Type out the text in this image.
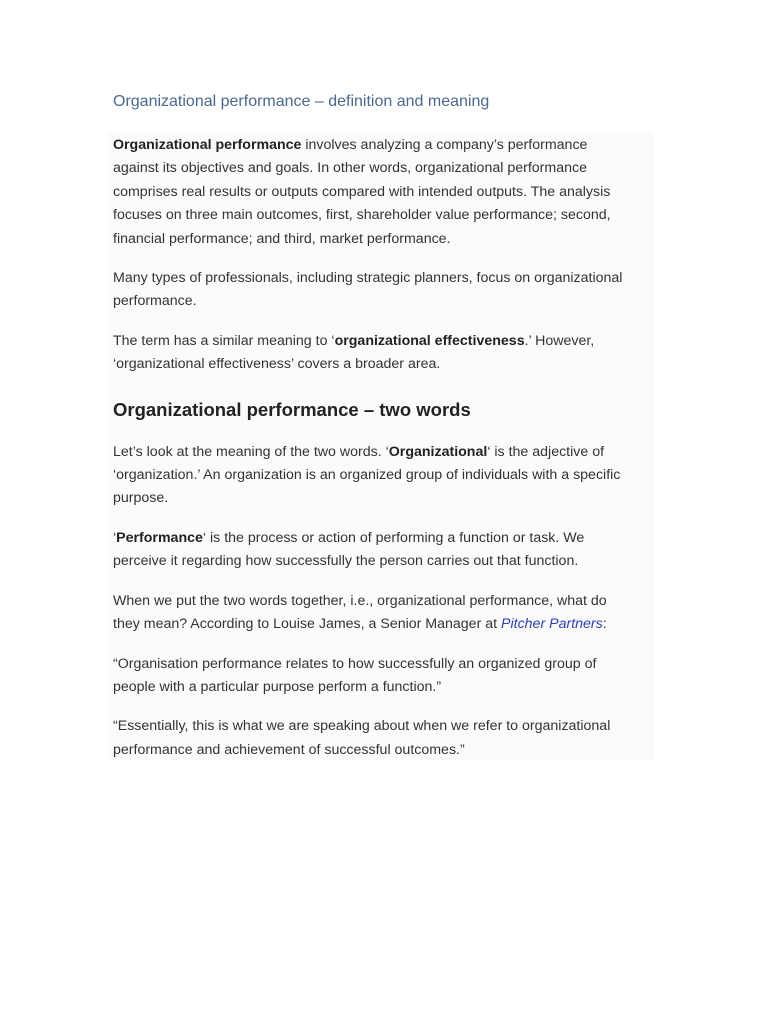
Organizational performance – definition and meaning

Organizational performance involves analyzing a company’s performance
against its objectives and goals. In other words, organizational performance
comprises real results or outputs compared with intended outputs. The analysis
focuses on three main outcomes, first, shareholder value performance; second,
financial performance; and third, market performance.

Many types of professionals, including strategic planners, focus on organizational
performance.

The term has a similar meaning to ‘organizational effectiveness.’ However,
‘organizational effectiveness’ covers a broader area.

Organizational performance – two words

Let’s look at the meaning of the two words. ‘Organizational‘ is the adjective of
‘organization.’ An organization is an organized group of individuals with a specific
purpose.

‘Performance‘ is the process or action of performing a function or task. We
perceive it regarding how successfully the person carries out that function.

When we put the two words together, i.e., organizational performance, what do
they mean? According to Louise James, a Senior Manager at Pitcher Partners:

“Organisation performance relates to how successfully an organized group of
people with a particular purpose perform a function.”

“Essentially, this is what we are speaking about when we refer to organizational
performance and achievement of successful outcomes.”
